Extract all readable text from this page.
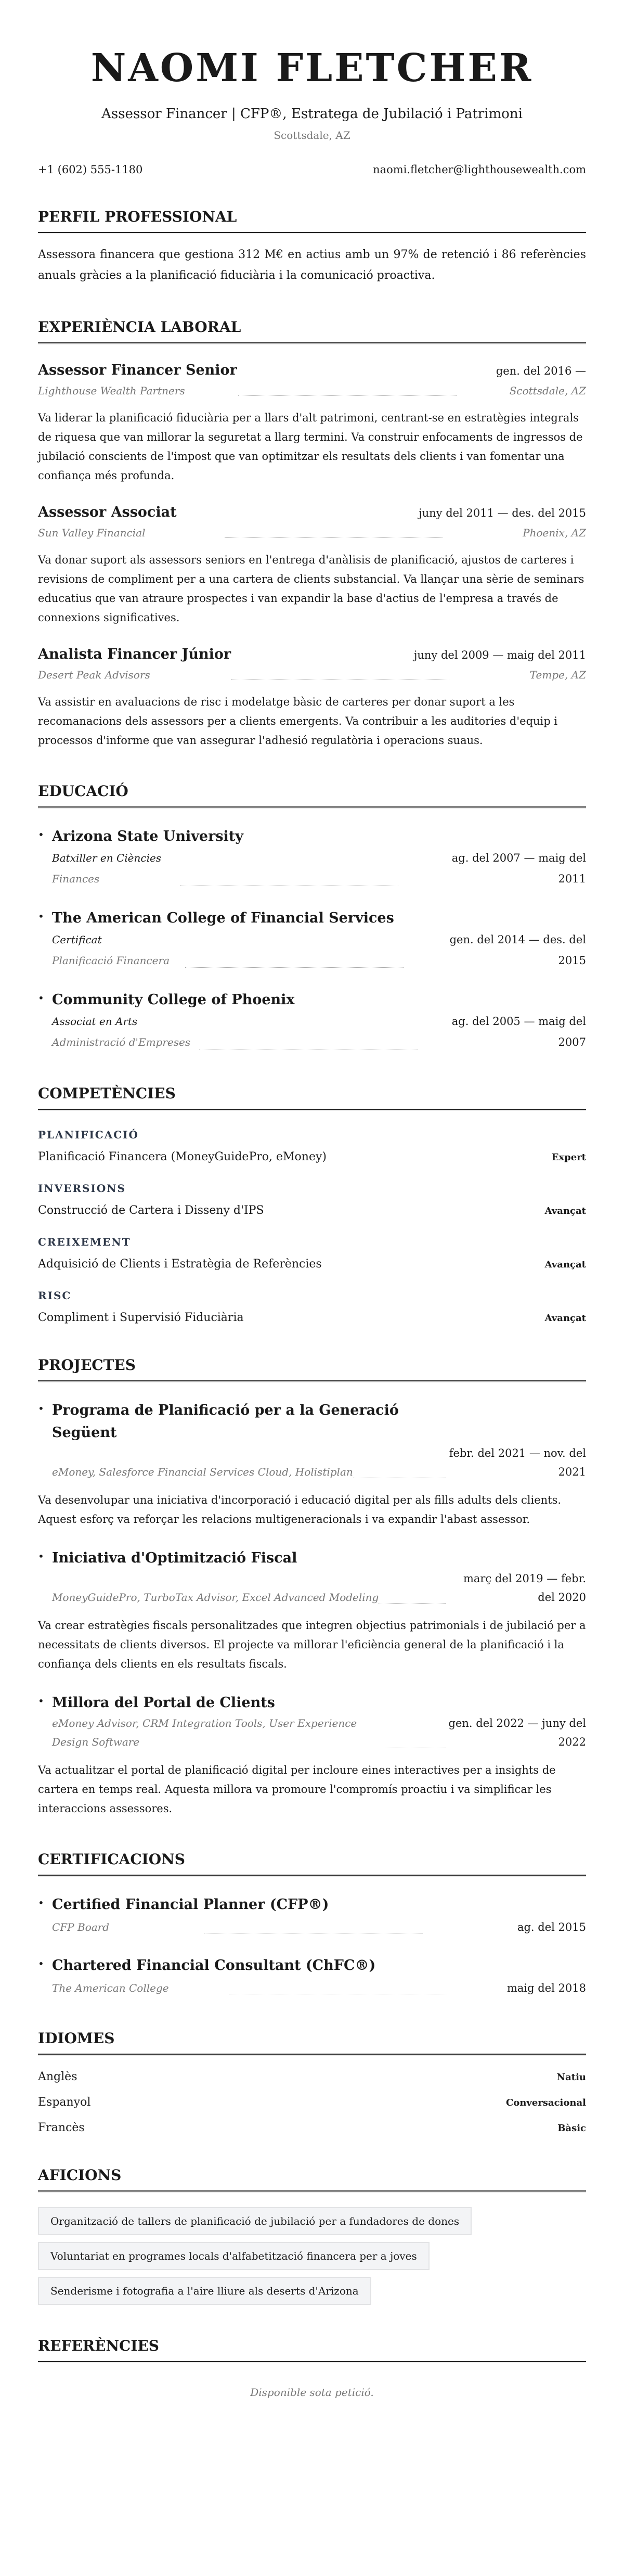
NAOMI FLETCHER
Assessor Financer | CFP®, Estratega de Jubilació i Patrimoni
Scottsdale, AZ
+1 (602) 555-1180	naomi.fletcher@lighthousewealth.com
PERFIL PROFESSIONAL

Assessora financera que gestiona 312 M€ en actius amb un 97% de retenció i 86 referències anuals gràcies a la planificació fiduciària i la comunicació proactiva.

EXPERIÈNCIA LABORAL
Assessor Financer Senior	gen. del 2016 —
Lighthouse Wealth Partners	Scottsdale, AZ

Va liderar la planificació fiduciària per a llars d'alt patrimoni, centrant-se en estratègies integrals de riquesa que van millorar la seguretat a llarg termini. Va construir enfocaments de ingressos de jubilació conscients de l'impost que van optimitzar els resultats dels clients i van fomentar una confiança més profunda.

Assessor Associat	juny del 2011 — des. del 2015
Sun Valley Financial	Phoenix, AZ

Va donar suport als assessors seniors en l'entrega d'anàlisis de planificació, ajustos de carteres i revisions de compliment per a una cartera de clients substancial. Va llançar una sèrie de seminars educatius que van atraure prospectes i van expandir la base d'actius de l'empresa a través de connexions significatives.

Analista Financer Júnior	juny del 2009 — maig del 2011
Desert Peak Advisors	Tempe, AZ

Va assistir en avaluacions de risc i modelatge bàsic de carteres per donar suport a les recomanacions dels assessors per a clients emergents. Va contribuir a les auditories d'equip i processos d'informe que van assegurar l'adhesió regulatòria i operacions suaus.

EDUCACIÓ
• Arizona State University
Batxiller en Ciències
Finances
ag. del 2007 — maig del 2011
• The American College of Financial Services
Certificat
Planificació Financera
gen. del 2014 — des. del 2015
• Community College of Phoenix
Associat en Arts
Administració d'Empreses
ag. del 2005 — maig del 2007
COMPETÈNCIES
PLANIFICACIÓ
Planificació Financera (MoneyGuidePro, eMoney)	Expert
INVERSIONS
Construcció de Cartera i Disseny d'IPS	Avançat
CREIXEMENT
Adquisició de Clients i Estratègia de Referències	Avançat
RISC
Compliment i Supervisió Fiduciària	Avançat
PROJECTES
• Programa de Planificació per a la Generació Següent
eMoney, Salesforce Financial Services Cloud, Holistiplan
febr. del 2021 — nov. del 2021

Va desenvolupar una iniciativa d'incorporació i educació digital per als fills adults dels clients. Aquest esforç va reforçar les relacions multigeneracionals i va expandir l'abast assessor.

• Iniciativa d'Optimització Fiscal
MoneyGuidePro, TurboTax Advisor, Excel Advanced Modeling
març del 2019 — febr. del 2020

Va crear estratègies fiscals personalitzades que integren objectius patrimonials i de jubilació per a necessitats de clients diversos. El projecte va millorar l'eficiència general de la planificació i la confiança dels clients en els resultats fiscals.

• Millora del Portal de Clients
eMoney Advisor, CRM Integration Tools, User Experience Design Software
gen. del 2022 — juny del 2022

Va actualitzar el portal de planificació digital per incloure eines interactives per a insights de cartera en temps real. Aquesta millora va promoure l'compromís proactiu i va simplificar les interaccions assessores.

CERTIFICACIONS
• Certified Financial Planner (CFP®)
CFP Board	ag. del 2015
• Chartered Financial Consultant (ChFC®)
The American College	maig del 2018
IDIOMES
Anglès	Natiu
Espanyol	Conversacional
Francès	Bàsic
AFICIONS
Organització de tallers de planificació de jubilació per a fundadores de dones
Voluntariat en programes locals d'alfabetització financera per a joves
Senderisme i fotografia a l'aire lliure als deserts d'Arizona
REFERÈNCIES

Disponible sota petició.
